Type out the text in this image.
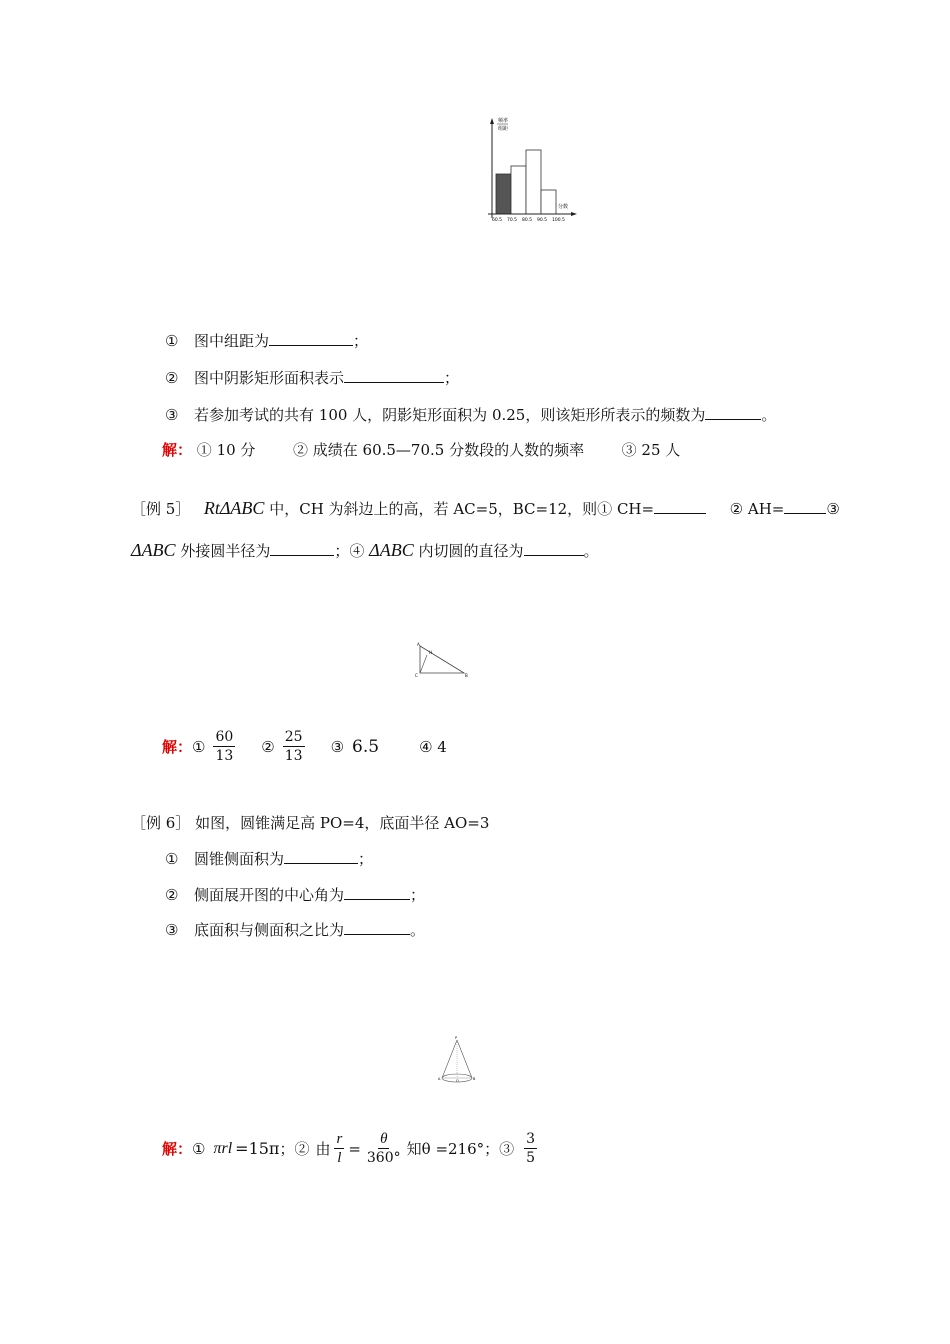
频率
组距
分数
60.5 70.5 80.5 90.5 100.5
① 图中组距为	；
② 图中阴影矩形面积表示	；
③ 若参加考试的共有 100 人，阴影矩形面积为 0.25，则该矩形所表示的频数为	。
解： ① 10 分	② 成绩在 60.5—70.5 分数段的人数的频率	③ 25 人
［例 5］ RtΔABC 中，CH 为斜边上的高，若 AC=5，BC=12，则① CH=	② AH=	③
ΔABC 外接圆半径为	；④ ΔABC 内切圆的直径为	。
A
H
C	B
解： ① $\frac{60}{13}$ ② $\frac{25}{13}$ ③ 6.5	④ 4
［例 6］ 如图，圆锥满足高 PO=4，底面半径 AO=3
① 圆锥侧面积为	；
② 侧面展开图的中心角为	；
③ 底面积与侧面积之比为	。
P
A	O	B
解： ① πrl =15π ；② 由 $\frac{r}{l} = \frac{\theta}{360^\circ}$ 知 θ =216° ；③ $\frac{3}{5}$
